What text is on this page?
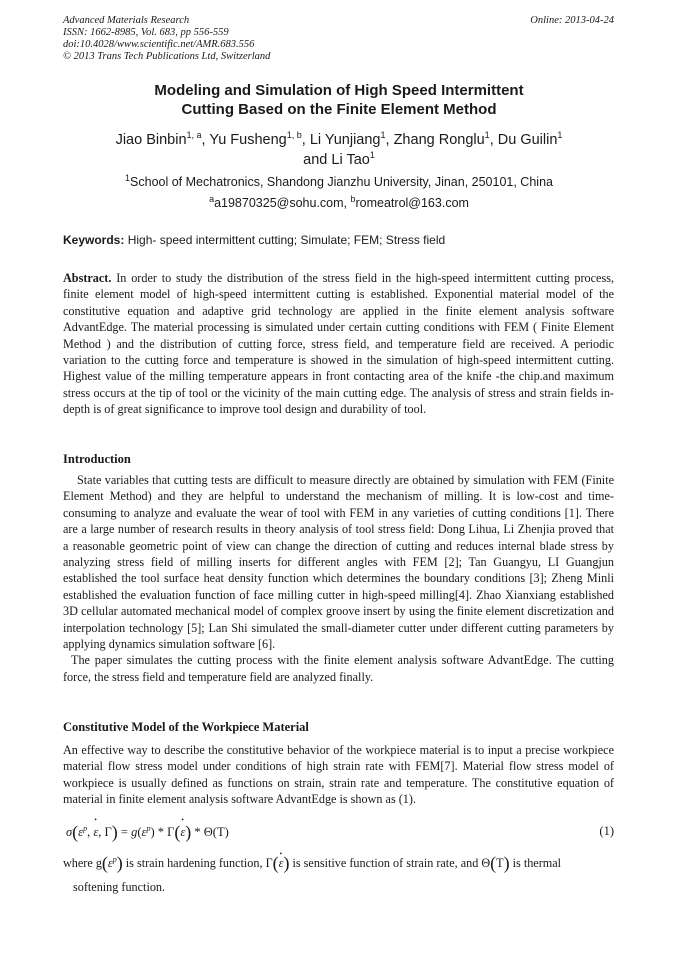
Advanced Materials Research
ISSN: 1662-8985, Vol. 683, pp 556-559
doi:10.4028/www.scientific.net/AMR.683.556
© 2013 Trans Tech Publications Ltd, Switzerland
Online: 2013-04-24
Modeling and Simulation of High Speed Intermittent
Cutting Based on the Finite Element Method
Jiao Binbin$^{1, a}$, Yu Fusheng$^{1, b}$, Li Yunjiang$^1$, Zhang Ronglu$^1$, Du Guilin$^1$
and Li Tao$^1$
$^1$School of Mechatronics, Shandong Jianzhu University, Jinan, 250101, China
$^a$a19870325@sohu.com, $^b$romeatrol@163.com
Keywords: High- speed intermittent cutting; Simulate; FEM; Stress field
Abstract. In order to study the distribution of the stress field in the high-speed intermittent cutting process, finite element model of high-speed intermittent cutting is established. Exponential material model of the constitutive equation and adaptive grid technology are applied in the finite element analysis software AdvantEdge. The material processing is simulated under certain cutting conditions with FEM ( Finite Element Method ) and the distribution of cutting force, stress field, and temperature field are received. A periodic variation to the cutting force and temperature is showed in the simulation of high-speed intermittent cutting. Highest value of the milling temperature appears in front contacting area of the knife -the chip.and maximum stress occurs at the tip of tool or the vicinity of the main cutting edge. The analysis of stress and strain fields in-depth is of great significance to improve tool design and durability of tool.
Introduction
State variables that cutting tests are difficult to measure directly are obtained by simulation with FEM (Finite Element Method) and they are helpful to understand the mechanism of milling. It is low-cost and time-consuming to analyze and evaluate the wear of tool with FEM in any varieties of cutting conditions [1]. There are a large number of research results in theory analysis of tool stress field: Dong Lihua, Li Zhenjia proved that a reasonable geometric point of view can change the direction of cutting and reduces internal blade stress by analyzing stress field of milling inserts for different angles with FEM [2]; Tan Guangyu, LI Guangjun established the tool surface heat density function which determines the boundary conditions [3]; Zheng Minli established the evaluation function of face milling cutter in high-speed milling[4]. Zhao Xianxiang established 3D cellular automated mechanical model of complex groove insert by using the finite element discretization and interpolation technology [5]; Lan Shi simulated the small-diameter cutter under different cutting parameters by applying dynamics simulation software [6].
The paper simulates the cutting process with the finite element analysis software AdvantEdge. The cutting force, the stress field and temperature field are analyzed finally.
Constitutive Model of the Workpiece Material
An effective way to describe the constitutive behavior of the workpiece material is to input a precise workpiece material flow stress model under conditions of high strain rate with FEM[7]. Material flow stress model of workpiece is usually defined as functions on strain, strain rate and temperature. The constitutive equation of material in finite element analysis software AdvantEdge is shown as (1).
$\sigma(\varepsilon^p$, • ε, $\Gamma) = g(\varepsilon^p)$ * Γ(• ε) * Θ(T)	(1)
where $g(\varepsilon^p)$ is strain hardening function, Γ(• ε) is sensitive function of strain rate, and Θ(T) is thermal
softening function.
